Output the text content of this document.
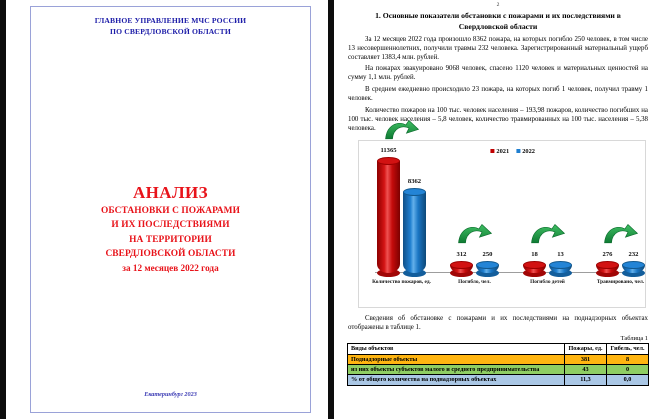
ГЛАВНОЕ УПРАВЛЕНИЕ МЧС РОССИИ
ПО СВЕРДЛОВСКОЙ ОБЛАСТИ
АНАЛИЗ
ОБСТАНОВКИ С ПОЖАРАМИ
И ИХ ПОСЛЕДСТВИЯМИ
НА ТЕРРИТОРИИ
СВЕРДЛОВСКОЙ ОБЛАСТИ
за 12 месяцев 2022 года
Екатеринбург 2023
2
1. Основные показатели обстановки с пожарами и их последствиями в Свердловской области
За 12 месяцев 2022 года произошло 8362 пожара, на которых погибло 250 человек, в том числе 13 несовершеннолетних, получили травмы 232 человека. Зарегистрированный материальный ущерб составляет 1383,4 млн. рублей.
На пожарах эвакуировано 9068 человек, спасено 1120 человек и материальных ценностей на сумму 1,1 млн. рублей.
В среднем ежедневно происходило 23 пожара, на которых погиб 1 человек, получил травму 1 человек.
Количество пожаров на 100 тыс. человек населения – 193,98 пожаров, количество погибших на 100 тыс. человек населения – 5,8 человек, количество травмированных на 100 тыс. населения – 5,38 человека.
2021 2022
11365
8362
Количество пожаров, ед.
312 250
Погибло, чел.
18	13
Погибло детей
276 232
Травмировано, чел.
Сведения об обстановке с пожарами и их последствиями на поднадзорных объектах отображены в таблице 1.
Таблица 1
Виды объектов	Пожары, ед.	Гибель, чел.
Поднадзорные объекты	381	8
из них объекты субъектов малого и среднего предпринимательства	43	0
% от общего количества на поднадзорных объектах	11,3	0,0
